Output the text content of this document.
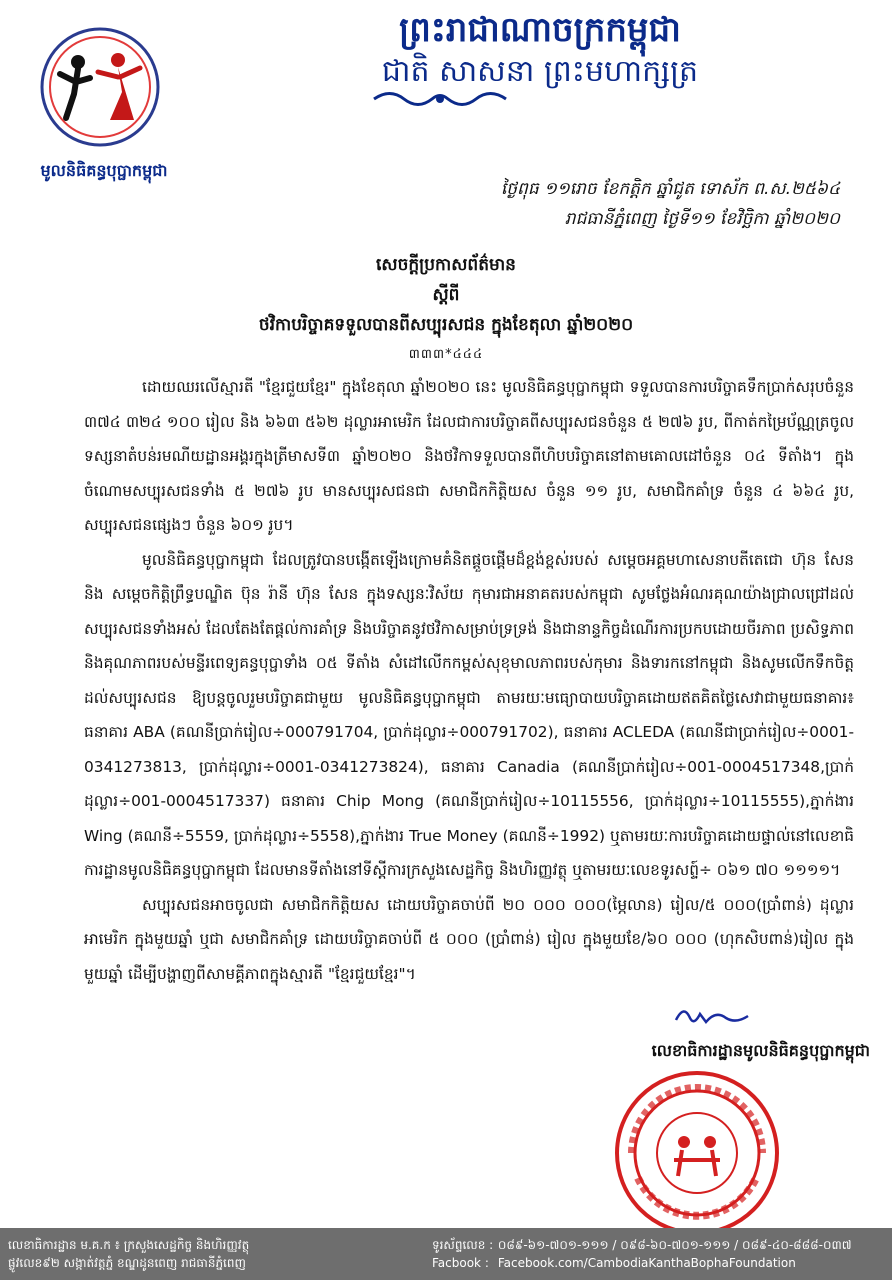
មូលនិធិគន្ធបុប្ផាកម្ពុជា
ព្រះរាជាណាចក្រកម្ពុជា
ជាតិ សាសនា ព្រះមហាក្សត្រ
ថ្ងៃពុធ ១១រោច ខែកត្តិក ឆ្នាំជូត ទោស័ក ព.ស.២៥៦៤
រាជធានីភ្នំពេញ ថ្ងៃទី១១ ខែវិច្ឆិកា ឆ្នាំ២០២០
សេចក្តីប្រកាសព័ត៌មាន
ស្តីពី
ថវិកាបរិច្ចាគទទួលបានពីសប្បុរសជន ក្នុងខែតុលា ឆ្នាំ២០២០
៣៣៣*៤៤៤

ដោយឈរលើស្មារតី "ខ្មែរជួយខ្មែរ" ក្នុងខែតុលា ឆ្នាំ២០២០ នេះ មូលនិធិគន្ធបុប្ផាកម្ពុជា ទទួលបានការបរិច្ចាគទឹកប្រាក់សរុបចំនួន ៣៧៤ ៣២៤ ១០០ រៀល និង ៦៦៣ ៥៦២ ដុល្លារអាមេរិក ដែលជាការបរិច្ចាគពីសប្បុរសជនចំនួន ៥ ២៧៦ រូប, ពីកាត់កម្រៃប័ណ្ណត្រចូលទស្សនាតំបន់រមណីយដ្ឋានអង្គរក្នុងត្រីមាសទី៣ ឆ្នាំ២០២០ និងថវិកាទទួលបានពីហិបបរិច្ចាគនៅតាមគោលដៅចំនួន ០៤ ទីតាំង។ ក្នុងចំណោមសប្បុរសជនទាំង ៥ ២៧៦ រូប មានសប្បុរសជនជា សមាជិកកិត្តិយស ចំនួន ១១ រូប, សមាជិកគាំទ្រ ចំនួន ៤ ៦៦៤ រូប, សប្បុរសជនផ្សេងៗ ចំនួន ៦០១ រូប។

មូលនិធិគន្ធបុប្ផាកម្ពុជា ដែលត្រូវបានបង្កើតឡើងក្រោមគំនិតផ្តួចផ្តើមដ៏ខ្ពង់ខ្ពស់របស់ សម្តេចអគ្គមហាសេនាបតីតេជោ ហ៊ុន សែន និង សម្តេចកិត្តិព្រឹទ្ធបណ្ឌិត ប៊ុន រ៉ានី ហ៊ុន សែន ក្នុងទស្សនៈវិស័យ កុមារជាអនាគតរបស់កម្ពុជា សូមថ្លែងអំណរគុណយ៉ាងជ្រាលជ្រៅដល់សប្បុរសជនទាំងអស់ ដែលតែងតែផ្តល់ការគាំទ្រ និងបរិច្ចាគនូវថវិកាសម្រាប់ទ្រទ្រង់ និងជានាន្ទកិច្ចដំណើរការប្រកបដោយចីរភាព ប្រសិទ្ធភាព និងគុណភាពរបស់មន្ទីរពេទ្យគន្ធបុប្ផាទាំង ០៥ ទីតាំង សំដៅលើកកម្ពស់សុខុមាលភាពរបស់កុមារ និងទារកនៅកម្ពុជា និងសូមលើកទឹកចិត្តដល់សប្បុរសជន ឱ្យបន្តចូលរួមបរិច្ចាគជាមួយ មូលនិធិគន្ធបុប្ផាកម្ពុជា តាមរយៈមធ្យោបាយបរិច្ចាគដោយឥតគិតថ្លៃសេវាជាមួយធនាគារ៖ ធនាគារ ABA (គណនីប្រាក់រៀល÷000791704, ប្រាក់ដុល្លារ÷000791702), ធនាគារ ACLEDA (គណនីជាប្រាក់រៀល÷0001-0341273813, ប្រាក់ដុល្លារ÷0001-0341273824), ធនាគារ Canadia (គណនីប្រាក់រៀល÷001-0004517348,ប្រាក់ដុល្លារ÷001-0004517337) ធនាគារ Chip Mong (គណនីប្រាក់រៀល÷10115556, ប្រាក់ដុល្លារ÷10115555),ភ្នាក់ងារ Wing (គណនី÷5559, ប្រាក់ដុល្លារ÷5558),ភ្នាក់ងារ True Money (គណនី÷1992) ឬតាមរយៈការបរិច្ចាគដោយផ្ទាល់នៅលេខាធិការដ្ឋានមូលនិធិគន្ធបុប្ផាកម្ពុជា ដែលមានទីតាំងនៅទីស្តីការក្រសួងសេដ្ឋកិច្ច និងហិរញ្ញវត្ថុ ឬតាមរយៈលេខទូរសព្ទ៍÷ ០៦១ ៧០ ១១១១។

សប្បុរសជនអាចចូលជា សមាជិកកិត្តិយស ដោយបរិច្ចាគចាប់ពី ២០ ០០០ ០០០(ម្ភៃលាន) រៀល/៥ ០០០(ប្រាំពាន់) ដុល្លារអាមេរិក ក្នុងមួយឆ្នាំ ឬជា សមាជិកគាំទ្រ ដោយបរិច្ចាគចាប់ពី ៥ ០០០ (ប្រាំពាន់) រៀល ក្នុងមួយខែ/៦០ ០០០ (ហុកសិបពាន់)រៀល ក្នុងមួយឆ្នាំ ដើម្បីបង្ហាញពីសាមគ្គីភាពក្នុងស្មារតី "ខ្មែរជួយខ្មែរ"។

លេខាធិការដ្ឋានមូលនិធិគន្ធបុប្ផាកម្ពុជា
លេខាធិការដ្ឋាន ម.គ.ក ៖ ក្រសួងសេដ្ឋកិច្ច និងហិរញ្ញវត្ថុ
ផ្លូវលេខ៩២ សង្កាត់វត្តភ្នំ ខណ្ឌដូនពេញ រាជធានីភ្នំពេញ
ទូរស័ព្ទលេខ : ០៨៩-៦១-៧០១-១១១ / ០៩៨-៦០-៧០១-១១១ / ០៨៩-៤០-៨៨៨-០៣៧
Facbook : Facebook.com/CambodiaKanthaBophaFoundation
